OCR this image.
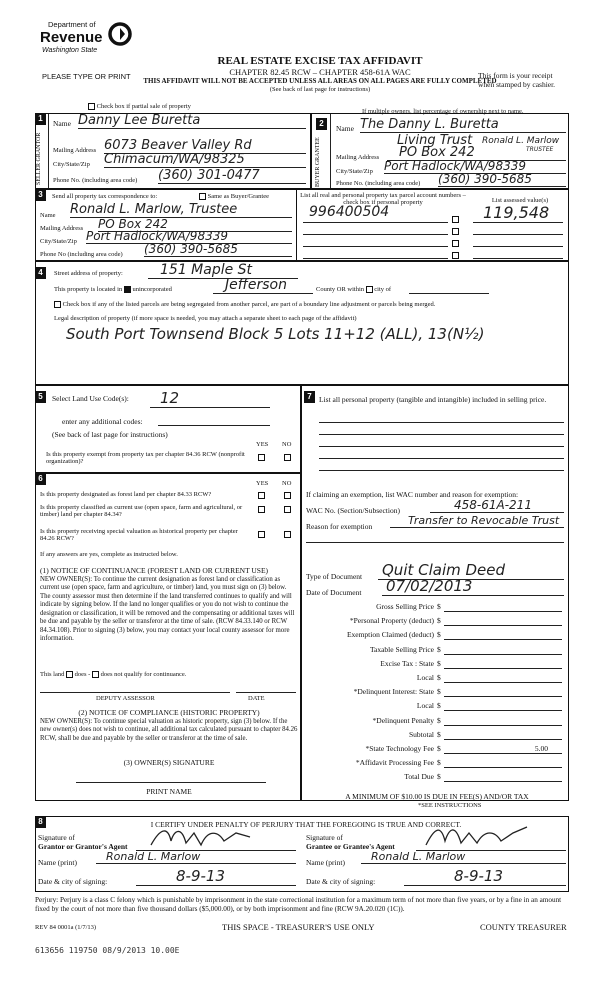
Department of
Revenue
Washington State
PLEASE TYPE OR PRINT
REAL ESTATE EXCISE TAX AFFIDAVIT
CHAPTER 82.45 RCW – CHAPTER 458-61A WAC
THIS AFFIDAVIT WILL NOT BE ACCEPTED UNLESS ALL AREAS ON ALL PAGES ARE FULLY COMPLETED
(See back of last page for instructions)
This form is your receipt
when stamped by cashier.
Check box if partial sale of property
If multiple owners, list percentage of ownership next to name.
1
SELLER GRANTOR
Name Danny Lee Buretta
Mailing Address 6073 Beaver Valley Rd
City/State/Zip Chimacum/WA/98325
Phone No. (including area code) (360) 301-0477
2
BUYER GRANTEE
Name The Danny L. Buretta
Living Trust Ronald L. Marlow
TRUSTEE
Mailing Address	PO Box 242
City/State/Zip Port Hadlock/WA/98339
Phone No. (including area code) (360) 390-5685
3	Send all property tax correspondence to:	Same as Buyer/Grantee
Name Ronald L. Marlow, Trustee
Mailing Address PO Box 242
City/State/Zip Port Hadlock/WA/98339
Phone No (including area code) (360) 390-5685
List all real and personal property tax parcel account numbers – check box if personal property	List assessed value(s)
996400504	119,548
4	Street address of property:	151 Maple St
This property is located in unincorporated	Jefferson	County OR within city of
Check box if any of the listed parcels are being segregated from another parcel, are part of a boundary line adjustment or parcels being merged.
Legal description of property (if more space is needed, you may attach a separate sheet to each page of the affidavit)
South Port Townsend Block 5 Lots 11+12 (ALL), 13(N½)
5	Select Land Use Code(s):	12
enter any additional codes:
(See back of last page for instructions)
YES NO
Is this property exempt from property tax per chapter 84.36 RCW (nonprofit organization)?
6
YES NO
Is this property designated as forest land per chapter 84.33 RCW?
Is this property classified as current use (open space, farm and agricultural, or timber) land per chapter 84.34?
Is this property receiving special valuation as historical property per chapter 84.26 RCW?
If any answers are yes, complete as instructed below.
(1) NOTICE OF CONTINUANCE (FOREST LAND OR CURRENT USE)
NEW OWNER(S): To continue the current designation as forest land or classification as current use (open space, farm and agriculture, or timber) land, you must sign on (3) below. The county assessor must then determine if the land transferred continues to qualify and will indicate by signing below. If the land no longer qualifies or you do not wish to continue the designation or classification, it will be removed and the compensating or additional taxes will be due and payable by the seller or transferor at the time of sale. (RCW 84.33.140 or RCW 84.34.108). Prior to signing (3) below, you may contact your local county assessor for more information.
This land does - does not qualify for continuance.
DEPUTY ASSESSOR	DATE
(2) NOTICE OF COMPLIANCE (HISTORIC PROPERTY)
NEW OWNER(S): To continue special valuation as historic property, sign (3) below. If the new owner(s) does not wish to continue, all additional tax calculated pursuant to chapter 84.26 RCW, shall be due and payable by the seller or transferor at the time of sale.
(3) OWNER(S) SIGNATURE
PRINT NAME
7 List all personal property (tangible and intangible) included in selling price.
If claiming an exemption, list WAC number and reason for exemption:
WAC No. (Section/Subsection)	458-61A-211
Reason for exemption	Transfer to Revocable Trust
Type of Document Quit Claim Deed
Date of Document 07/02/2013
Gross Selling Price $
*Personal Property (deduct) $
Exemption Claimed (deduct) $
Taxable Selling Price $
Excise Tax : State $
Local $
*Delinquent Interest: State $
Local $
*Delinquent Penalty $
Subtotal $
*State Technology Fee $	5.00
*Affidavit Processing Fee $
Total Due $
A MINIMUM OF $10.00 IS DUE IN FEE(S) AND/OR TAX
*SEE INSTRUCTIONS
8	I CERTIFY UNDER PENALTY OF PERJURY THAT THE FOREGOING IS TRUE AND CORRECT.
Signature of
Grantor or Grantor's Agent
Name (print)	Ronald L. Marlow
Date & city of signing:	8-9-13
Signature of
Grantee or Grantee's Agent
Name (print)	Ronald L. Marlow
Date & city of signing:	8-9-13
Perjury: Perjury is a class C felony which is punishable by imprisonment in the state correctional institution for a maximum term of not more than five years, or by a fine in an amount fixed by the court of not more than five thousand dollars ($5,000.00), or by both imprisonment and fine (RCW 9A.20.020 (1C)).
REV 84 0001a (1/7/13)	THIS SPACE - TREASURER'S USE ONLY	COUNTY TREASURER
613656 119750 08/9/2013 10.00E
